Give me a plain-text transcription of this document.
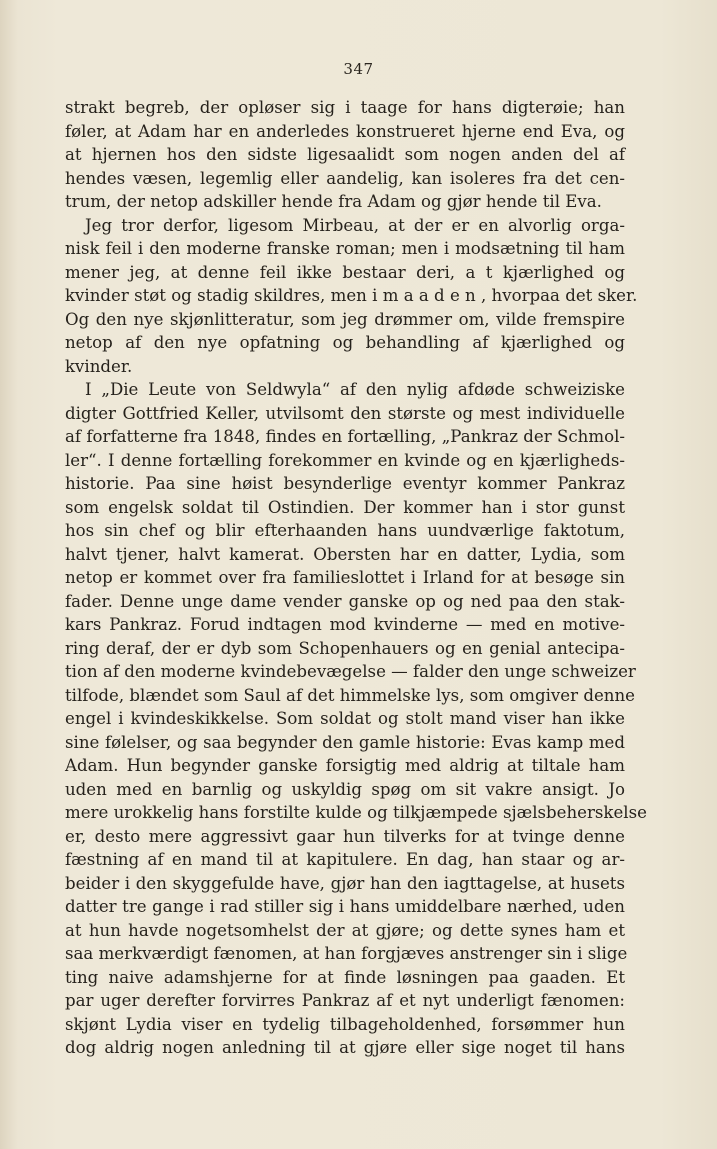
347
strakt begreb, der opløser sig i taage for hans digterøie; han
føler, at Adam har en anderledes konstrueret hjerne end Eva, og
at hjernen hos den sidste ligesaalidt som nogen anden del af
hendes væsen, legemlig eller aandelig, kan isoleres fra det cen-
trum, der netop adskiller hende fra Adam og gjør hende til Eva.
Jeg tror derfor, ligesom Mirbeau, at der er en alvorlig orga-
nisk feil i den moderne franske roman; men i modsætning til ham
mener jeg, at denne feil ikke bestaar deri, a t kjærlighed og
kvinder støt og stadig skildres, men i m a a d e n , hvorpaa det sker.
Og den nye skjønlitteratur, som jeg drømmer om, vilde fremspire
netop af den nye opfatning og behandling af kjærlighed og
kvinder.
I „Die Leute von Seldwyla“ af den nylig afdøde schweiziske
digter Gottfried Keller, utvilsomt den største og mest individuelle
af forfatterne fra 1848, findes en fortælling, „Pankraz der Schmol-
ler“. I denne fortælling forekommer en kvinde og en kjærligheds-
historie. Paa sine høist besynderlige eventyr kommer Pankraz
som engelsk soldat til Ostindien. Der kommer han i stor gunst
hos sin chef og blir efterhaanden hans uundværlige faktotum,
halvt tjener, halvt kamerat. Obersten har en datter, Lydia, som
netop er kommet over fra familieslottet i Irland for at besøge sin
fader. Denne unge dame vender ganske op og ned paa den stak-
kars Pankraz. Forud indtagen mod kvinderne — med en motive-
ring deraf, der er dyb som Schopenhauers og en genial antecipa-
tion af den moderne kvindebevægelse — falder den unge schweizer
tilfode, blændet som Saul af det himmelske lys, som omgiver denne
engel i kvindeskikkelse. Som soldat og stolt mand viser han ikke
sine følelser, og saa begynder den gamle historie: Evas kamp med
Adam. Hun begynder ganske forsigtig med aldrig at tiltale ham
uden med en barnlig og uskyldig spøg om sit vakre ansigt. Jo
mere urokkelig hans forstilte kulde og tilkjæmpede sjælsbeherskelse
er, desto mere aggressivt gaar hun tilverks for at tvinge denne
fæstning af en mand til at kapitulere. En dag, han staar og ar-
beider i den skyggefulde have, gjør han den iagttagelse, at husets
datter tre gange i rad stiller sig i hans umiddelbare nærhed, uden
at hun havde nogetsomhelst der at gjøre; og dette synes ham et
saa merkværdigt fænomen, at han forgjæves anstrenger sin i slige
ting naive adamshjerne for at finde løsningen paa gaaden. Et
par uger derefter forvirres Pankraz af et nyt underligt fænomen:
skjønt Lydia viser en tydelig tilbageholdenhed, forsømmer hun
dog aldrig nogen anledning til at gjøre eller sige noget til hans
